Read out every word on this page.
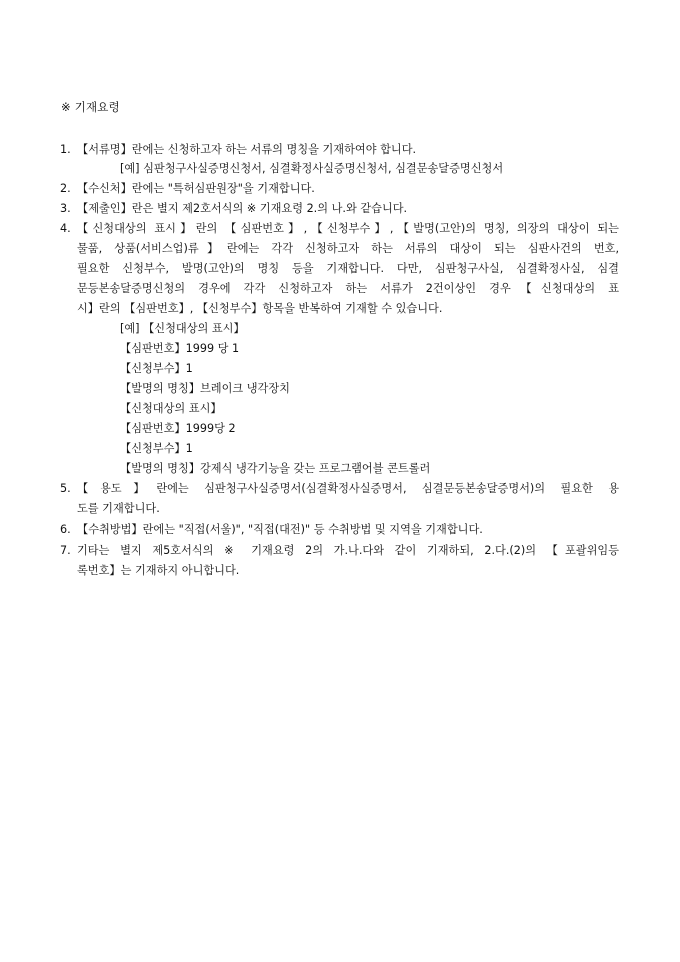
※ 기재요령
1. 【서류명】란에는 신청하고자 하는 서류의 명칭을 기재하여야 합니다.
[예] 심판청구사실증명신청서, 심결확정사실증명신청서, 심결문송달증명신청서
2. 【수신처】란에는 "특허심판원장"을 기재합니다.
3. 【제출인】란은 별지 제2호서식의 ※ 기재요령 2.의 나.와 같습니다.
4. 【신청대상의 표시】란의 【심판번호】,【신청부수】,【발명(고안)의 명칭, 의장의 대상이 되는
물품, 상품(서비스업)류】란에는 각각 신청하고자 하는 서류의 대상이 되는 심판사건의 번호,
필요한 신청부수, 발명(고안)의 명칭 등을 기재합니다. 다만, 심판청구사실, 심결확정사실, 심결
문등본송달증명신청의 경우에 각각 신청하고자 하는 서류가 2건이상인 경우【신청대상의 표
시】란의 【심판번호】, 【신청부수】항목을 반복하여 기재할 수 있습니다.
[예] 【신청대상의 표시】
【심판번호】1999 당 1
【신청부수】1
【발명의 명칭】브레이크 냉각장치
【신청대상의 표시】
【심판번호】1999당 2
【신청부수】1
【발명의 명칭】강제식 냉각기능을 갖는 프로그램어블 콘트롤러
5. 【용도】란에는 심판청구사실증명서(심결확정사실증명서, 심결문등본송달증명서)의 필요한 용
도를 기재합니다.
6. 【수취방법】란에는 "직접(서울)", "직접(대전)" 등 수취방법 및 지역을 기재합니다.
7. 기타는 별지 제5호서식의 ※ 기재요령 2의 가.나.다와 같이 기재하되, 2.다.(2)의 【포괄위임등
록번호】는 기재하지 아니합니다.
